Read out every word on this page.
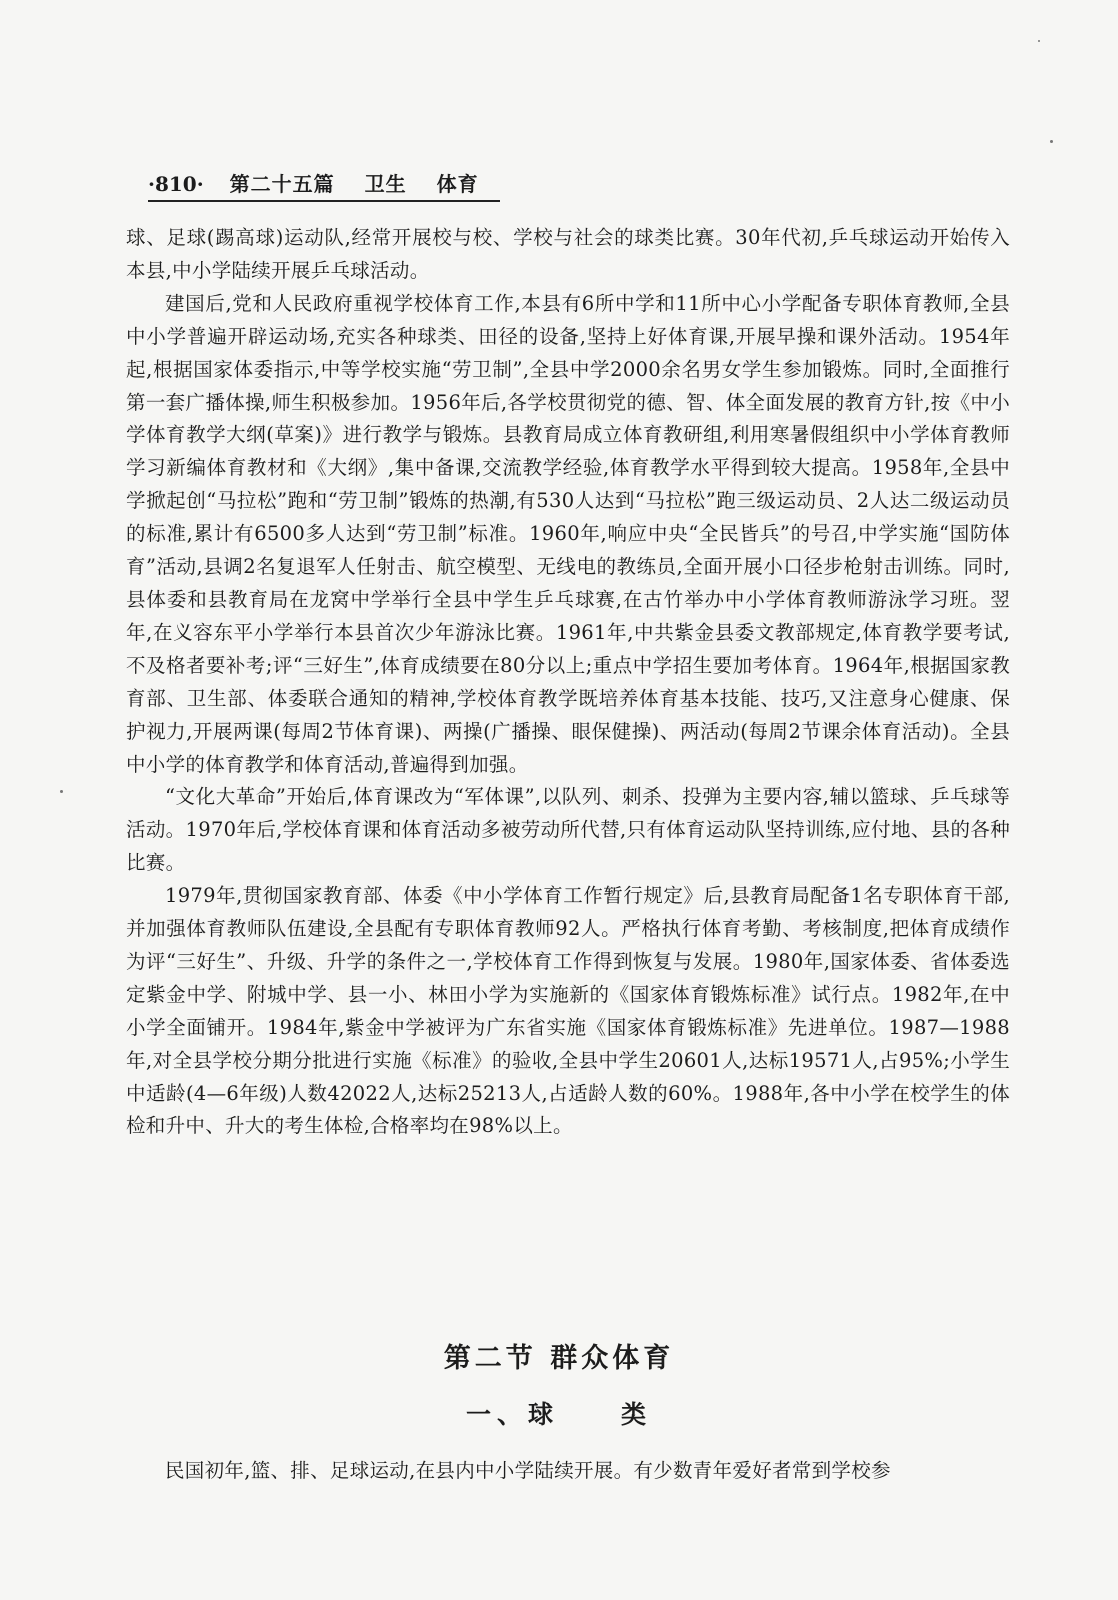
·810· 第二十五篇 卫生 体育

球、足球(踢高球)运动队,经常开展校与校、学校与社会的球类比赛。30年代初,乒乓球运动开始传入本县,中小学陆续开展乒乓球活动。

建国后,党和人民政府重视学校体育工作,本县有6所中学和11所中心小学配备专职体育教师,全县中小学普遍开辟运动场,充实各种球类、田径的设备,坚持上好体育课,开展早操和课外活动。1954年起,根据国家体委指示,中等学校实施“劳卫制”,全县中学2000余名男女学生参加锻炼。同时,全面推行第一套广播体操,师生积极参加。1956年后,各学校贯彻党的德、智、体全面发展的教育方针,按《中小学体育教学大纲(草案)》进行教学与锻炼。县教育局成立体育教研组,利用寒暑假组织中小学体育教师学习新编体育教材和《大纲》,集中备课,交流教学经验,体育教学水平得到较大提高。1958年,全县中学掀起创“马拉松”跑和“劳卫制”锻炼的热潮,有530人达到“马拉松”跑三级运动员、2人达二级运动员的标准,累计有6500多人达到“劳卫制”标准。1960年,响应中央“全民皆兵”的号召,中学实施“国防体育”活动,县调2名复退军人任射击、航空模型、无线电的教练员,全面开展小口径步枪射击训练。同时,县体委和县教育局在龙窝中学举行全县中学生乒乓球赛,在古竹举办中小学体育教师游泳学习班。翌年,在义容东平小学举行本县首次少年游泳比赛。1961年,中共紫金县委文教部规定,体育教学要考试,不及格者要补考;评“三好生”,体育成绩要在80分以上;重点中学招生要加考体育。1964年,根据国家教育部、卫生部、体委联合通知的精神,学校体育教学既培养体育基本技能、技巧,又注意身心健康、保护视力,开展两课(每周2节体育课)、两操(广播操、眼保健操)、两活动(每周2节课余体育活动)。全县中小学的体育教学和体育活动,普遍得到加强。

“文化大革命”开始后,体育课改为“军体课”,以队列、刺杀、投弹为主要内容,辅以篮球、乒乓球等活动。1970年后,学校体育课和体育活动多被劳动所代替,只有体育运动队坚持训练,应付地、县的各种比赛。

1979年,贯彻国家教育部、体委《中小学体育工作暂行规定》后,县教育局配备1名专职体育干部,并加强体育教师队伍建设,全县配有专职体育教师92人。严格执行体育考勤、考核制度,把体育成绩作为评“三好生”、升级、升学的条件之一,学校体育工作得到恢复与发展。1980年,国家体委、省体委选定紫金中学、附城中学、县一小、林田小学为实施新的《国家体育锻炼标准》试行点。1982年,在中小学全面铺开。1984年,紫金中学被评为广东省实施《国家体育锻炼标准》先进单位。1987—1988年,对全县学校分期分批进行实施《标准》的验收,全县中学生20601人,达标19571人,占95%;小学生中适龄(4—6年级)人数42022人,达标25213人,占适龄人数的60%。1988年,各中小学在校学生的体检和升中、升大的考生体检,合格率均在98%以上。

第二节 群众体育
一、球　　类

民国初年,篮、排、足球运动,在县内中小学陆续开展。有少数青年爱好者常到学校参
